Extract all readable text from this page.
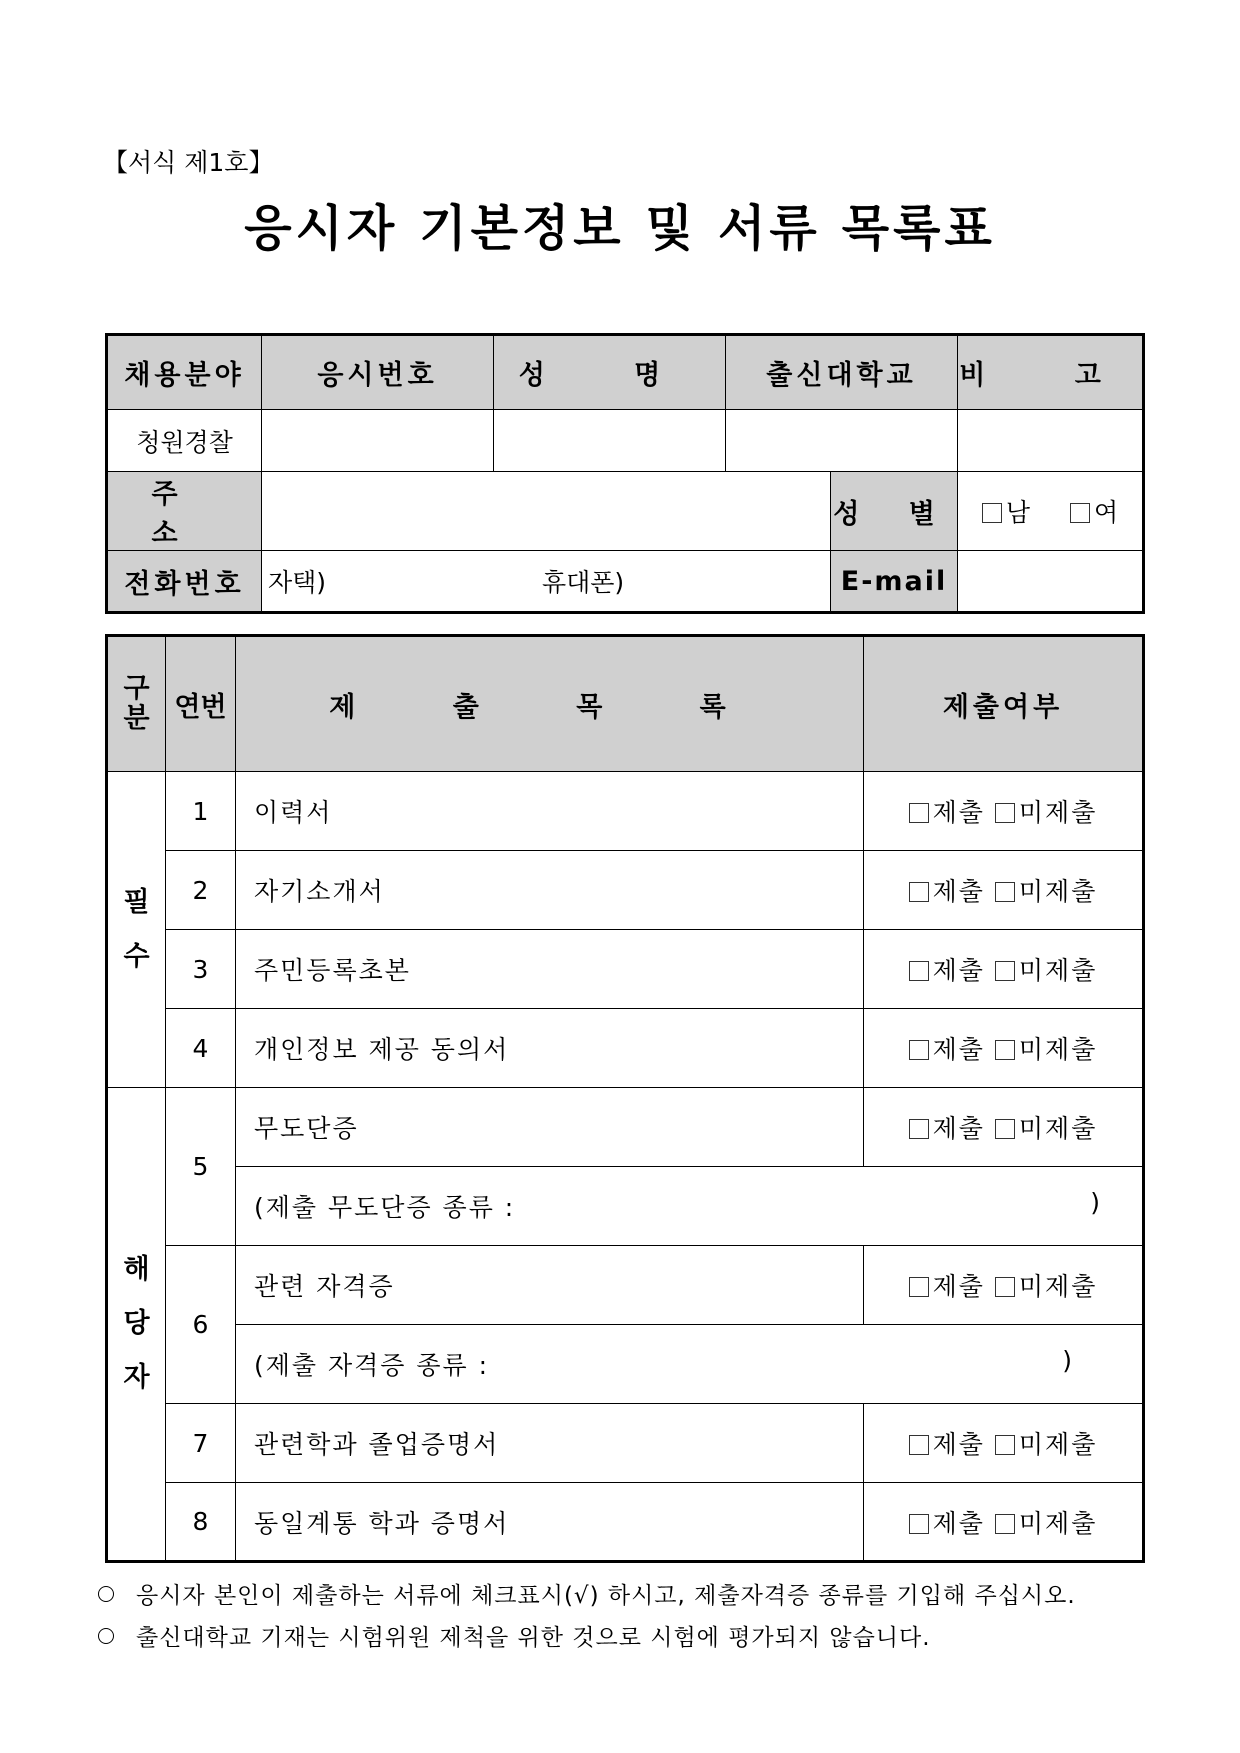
【서식 제1호】
응시자 기본정보 및 서류 목록표
채용분야	응시번호	성 명	출신대학교		비 고
청원경찰					
주 소				성 별	남 여
전화번호	자택) 휴대폰)			E-mail	
구분	연번	제 출 목 록	제출여부

필수	1	이력서	제출 미제출
	2	자기소개서	제출 미제출
	3	주민등록초본	제출 미제출
	4	개인정보 제공 동의서	제출 미제출

해당자	5	무도단증	제출 미제출
		(제출 무도단증 종류 : )	

	6	관련 자격증	제출 미제출
		(제출 자격증 종류 : )	

	7	관련학과 졸업증명서	제출 미제출
	8	동일계통 학과 증명서	제출 미제출
응시자 본인이 제출하는 서류에 체크표시(√) 하시고, 제출자격증 종류를 기입해 주십시오.
출신대학교 기재는 시험위원 제척을 위한 것으로 시험에 평가되지 않습니다.
